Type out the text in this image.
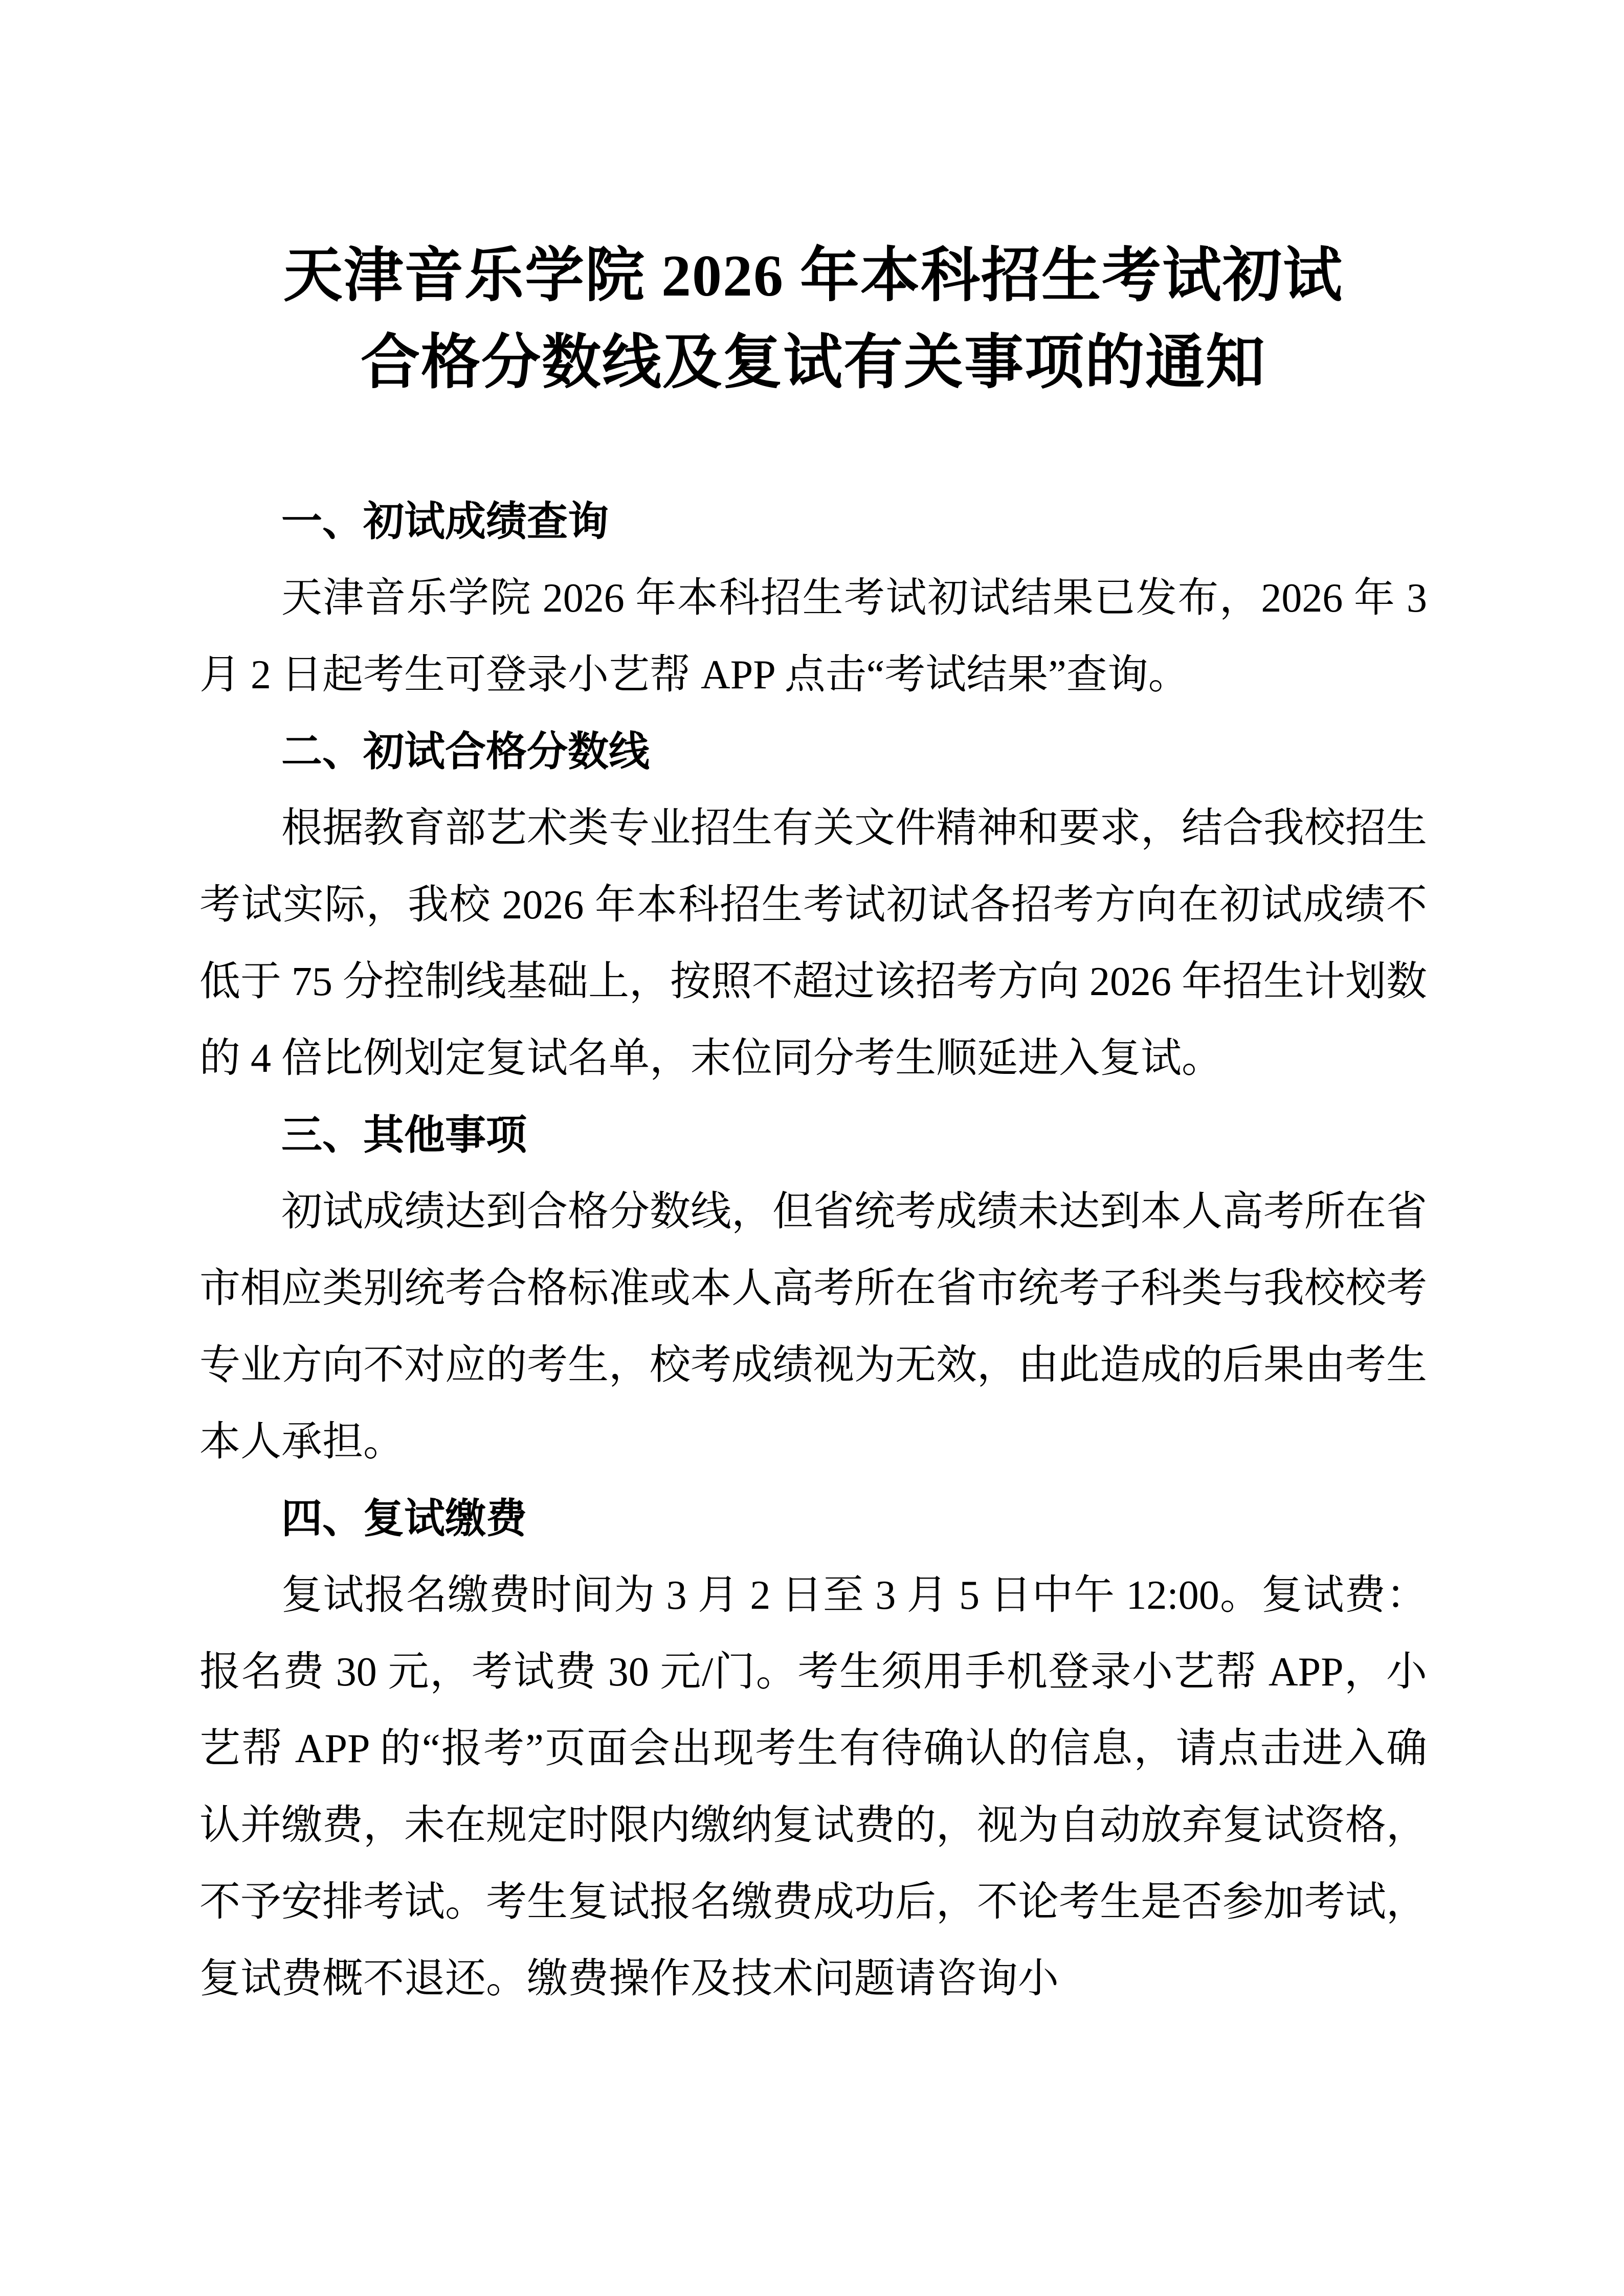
天津音乐学院 2026 年本科招生考试初试
合格分数线及复试有关事项的通知
一、初试成绩查询

天津音乐学院 2026 年本科招生考试初试结果已发布，2026 年 3 月 2 日起考生可登录小艺帮 APP 点击“考试结果”查询。

二、初试合格分数线

根据教育部艺术类专业招生有关文件精神和要求，结合我校招生考试实际，我校 2026 年本科招生考试初试各招考方向在初试成绩不低于 75 分控制线基础上，按照不超过该招考方向 2026 年招生计划数的 4 倍比例划定复试名单，末位同分考生顺延进入复试。

三、其他事项

初试成绩达到合格分数线，但省统考成绩未达到本人高考所在省市相应类别统考合格标准或本人高考所在省市统考子科类与我校校考专业方向不对应的考生，校考成绩视为无效，由此造成的后果由考生本人承担。

四、复试缴费

复试报名缴费时间为 3 月 2 日至 3 月 5 日中午 12:00。复试费：报名费 30 元，考试费 30 元/门。考生须用手机登录小艺帮 APP，小艺帮 APP 的“报考”页面会出现考生有待确认的信息，请点击进入确认并缴费，未在规定时限内缴纳复试费的，视为自动放弃复试资格，不予安排考试。考生复试报名缴费成功后，不论考生是否参加考试，复试费概不退还。缴费操作及技术问题请咨询小
